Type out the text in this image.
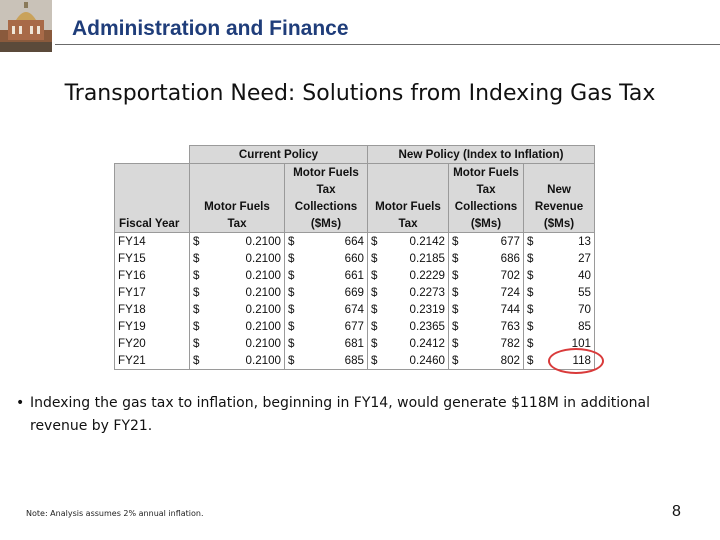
Administration and Finance
Transportation Need: Solutions from Indexing Gas Tax
	Current Policy		New Policy (Index to Inflation)		
Fiscal Year	Motor Fuels Tax	Motor Fuels Tax Collections ($Ms)	Motor Fuels Tax	Motor Fuels Tax Collections ($Ms)	New Revenue ($Ms)
FY14	$ 0.2100	$ 664	$ 0.2142	$ 677	$ 13

FY15	$ 0.2100	$ 660	$ 0.2185	$ 686	$ 27

FY16	$ 0.2100	$ 661	$ 0.2229	$ 702	$ 40

FY17	$ 0.2100	$ 669	$ 0.2273	$ 724	$ 55

FY18	$ 0.2100	$ 674	$ 0.2319	$ 744	$ 70

FY19	$ 0.2100	$ 677	$ 0.2365	$ 763	$ 85

FY20	$ 0.2100	$ 681	$ 0.2412	$ 782	$ 101

FY21	$ 0.2100	$ 685	$ 0.2460	$ 802	$ 118
• Indexing the gas tax to inflation, beginning in FY14, would generate $118M in additional revenue by FY21.
Note: Analysis assumes 2% annual inflation.	8
